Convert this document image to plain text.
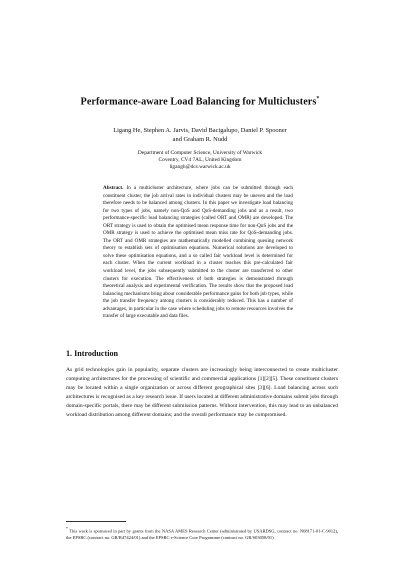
Performance-aware Load Balancing for Multiclusters*
Ligang He, Stephen A. Jarvis, David Bacigalupo, Daniel P. Spooner
and Graham R. Nudd
Department of Computer Science, University of Warwick
Coventry, CV4 7AL, United Kingdom
ligangh@dcs.warwick.ac.uk
Abstract. In a multicluster architecture, where jobs can be submitted through each constituent cluster, the job arrival rates in individual clusters may be uneven and the load therefore needs to be balanced among clusters. In this paper we investigate load balancing for two types of jobs, namely non-QoS and QoS-demanding jobs and as a result, two performance-specific load balancing strategies (called ORT and OMR) are developed. The ORT strategy is used to obtain the optimised mean response time for non-QoS jobs and the OMR strategy is used to achieve the optimised mean miss rate for QoS-demanding jobs. The ORT and OMR strategies are mathematically modelled combining queuing network theory to establish sets of optimisation equations. Numerical solutions are developed to solve these optimisation equations, and a so called fair workload level is determined for each cluster. When the current workload in a cluster reaches this pre-calculated fair workload level, the jobs subsequently submitted to the cluster are transferred to other clusters for execution. The effectiveness of both strategies is demonstrated through theoretical analysis and experimental verification. The results show that the proposed load balancing mechanisms bring about considerable performance gains for both job types, while the job transfer frequency among clusters is considerably reduced. This has a number of advantages, in particular in the case where scheduling jobs to remote resources involves the transfer of large executable and data files.
1. Introduction
As grid technologies gain in popularity, separate clusters are increasingly being interconnected to create multicluster computing architectures for the processing of scientific and commercial applications [1][2][5]. These constituent clusters may be located within a single organization or across different geographical sites [3][6]. Load balancing across such architectures is recognised as a key research issue. If users located at different administrative domains submit jobs through domain-specific portals, there may be different submission patterns. Without intervention, this may lead to an unbalanced workload distribution among different domains; and the overall performance may be compromised.
* This work is sponsored in part by grants from the NASA AMES Research Center (administrated by USARDSG, contract no. N68171-01-C-9012), the EPSRC (contract no. GR/R47424/01) and the EPSRC e-Science Core Programme (contract no. GR/S03058/01).
